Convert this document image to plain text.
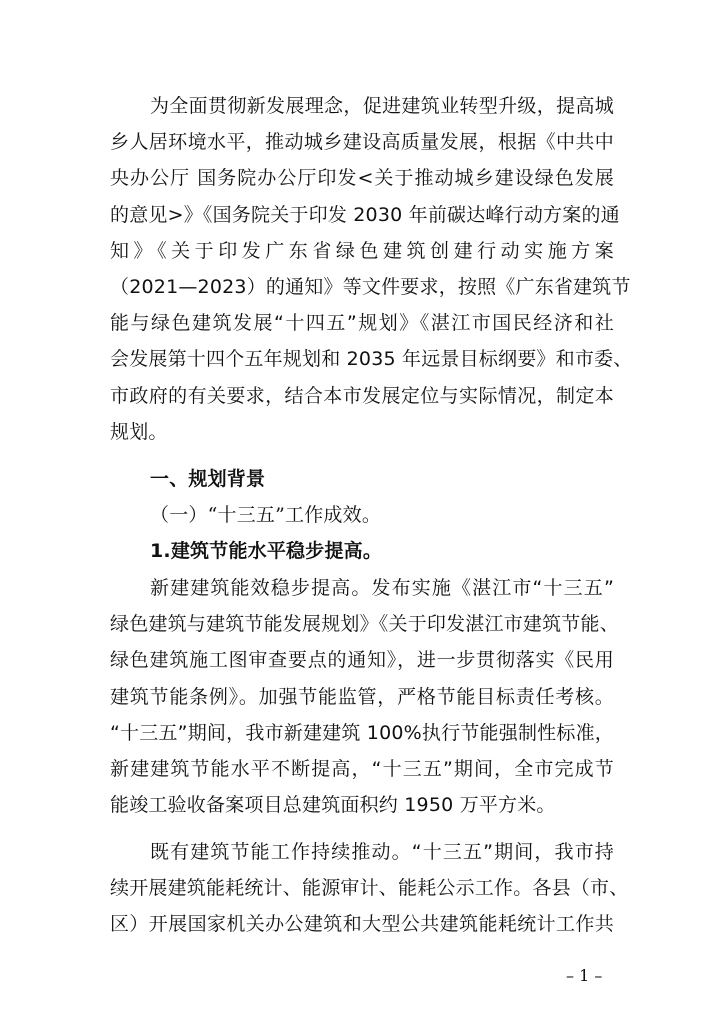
为全面贯彻新发展理念，促进建筑业转型升级，提高城
乡人居环境水平，推动城乡建设高质量发展，根据《中共中
央办公厅 国务院办公厅印发<关于推动城乡建设绿色发展
的意见>》《国务院关于印发 2030 年前碳达峰行动方案的通
知》《关于印发广东省绿色建筑创建行动实施方案
（2021—2023）的通知》等文件要求，按照《广东省建筑节
能与绿色建筑发展“十四五”规划》《湛江市国民经济和社
会发展第十四个五年规划和 2035 年远景目标纲要》和市委、
市政府的有关要求，结合本市发展定位与实际情况，制定本
规划。
一、规划背景
（一）“十三五”工作成效。
1.建筑节能水平稳步提高。
新建建筑能效稳步提高。发布实施《湛江市“十三五”
绿色建筑与建筑节能发展规划》《关于印发湛江市建筑节能、
绿色建筑施工图审查要点的通知》，进一步贯彻落实《民用
建筑节能条例》。加强节能监管，严格节能目标责任考核。
“十三五”期间，我市新建建筑 100%执行节能强制性标准，
新建建筑节能水平不断提高，“十三五”期间，全市完成节
能竣工验收备案项目总建筑面积约 1950 万平方米。
既有建筑节能工作持续推动。“十三五”期间，我市持
续开展建筑能耗统计、能源审计、能耗公示工作。各县（市、
区）开展国家机关办公建筑和大型公共建筑能耗统计工作共
– 1 –
